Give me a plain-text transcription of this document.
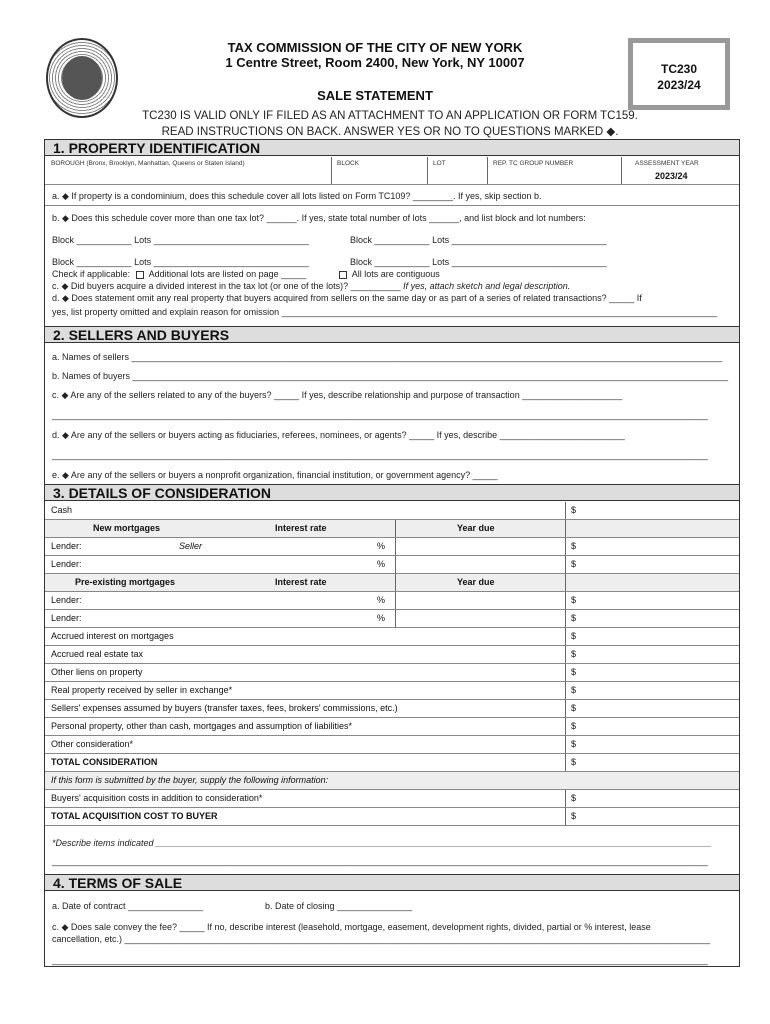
TAX COMMISSION OF THE CITY OF NEW YORK
1 Centre Street, Room 2400, New York, NY 10007
SALE STATEMENT
TC230
2023/24
TC230 IS VALID ONLY IF FILED AS AN ATTACHMENT TO AN APPLICATION OR FORM TC159.
READ INSTRUCTIONS ON BACK. ANSWER YES OR NO TO QUESTIONS MARKED ◆.
1. PROPERTY IDENTIFICATION
BOROUGH (Bronx, Brooklyn, Manhattan, Queens or Staten Island)	BLOCK	LOT	REP. TC GROUP NUMBER	ASSESSMENT YEAR
2023/24
a. ◆ If property is a condominium, does this schedule cover all lots listed on Form TC109? ________. If yes, skip section b.
b. ◆ Does this schedule cover more than one tax lot? ______. If yes, state total number of lots ______, and list block and lot numbers:
Block ___________ Lots _______________________________	Block ___________ Lots _______________________________
Block ___________ Lots _______________________________	Block ___________ Lots _______________________________
Check if applicable: Additional lots are listed on page _____	All lots are contiguous
c. ◆ Did buyers acquire a divided interest in the tax lot (or one of the lots)? __________ If yes, attach sketch and legal description.
d. ◆ Does statement omit any real property that buyers acquired from sellers on the same day or as part of a series of related transactions? _____ If
yes, list property omitted and explain reason for omission _______________________________________________________________________________________
2. SELLERS AND BUYERS
a. Names of sellers ______________________________________________________________________________________________________________________
b. Names of buyers _______________________________________________________________________________________________________________________
c. ◆ Are any of the sellers related to any of the buyers? _____ If yes, describe relationship and purpose of transaction ____________________
___________________________________________________________________________________________________________________________________
d. ◆ Are any of the sellers or buyers acting as fiduciaries, referees, nominees, or agents? _____ If yes, describe _________________________
___________________________________________________________________________________________________________________________________
e. ◆ Are any of the sellers or buyers a nonprofit organization, financial institution, or government agency? _____
3. DETAILS OF CONSIDERATION
Cash	$
New mortgages	Interest rate	Year due
Lender:	Seller	%	$
Lender:	%	$
Pre-existing mortgages	Interest rate	Year due
Lender:	%	$
Lender:	%	$
Accrued interest on mortgages	$
Accrued real estate tax	$
Other liens on property	$
Real property received by seller in exchange*	$
Sellers' expenses assumed by buyers (transfer taxes, fees, brokers' commissions, etc.)	$
Personal property, other than cash, mortgages and assumption of liabilities*	$
Other consideration*	$
TOTAL CONSIDERATION	$
If this form is submitted by the buyer, supply the following information:
Buyers' acquisition costs in addition to consideration*	$
TOTAL ACQUISITION COST TO BUYER	$
*Describe items indicated _______________________________________________________________________________________________________________
___________________________________________________________________________________________________________________________________
4. TERMS OF SALE
a. Date of contract _______________	b. Date of closing _______________
c. ◆ Does sale convey the fee? _____ If no, describe interest (leasehold, mortgage, easement, development rights, divided, partial or % interest, lease
cancellation, etc.) _____________________________________________________________________________________________________________________
___________________________________________________________________________________________________________________________________
